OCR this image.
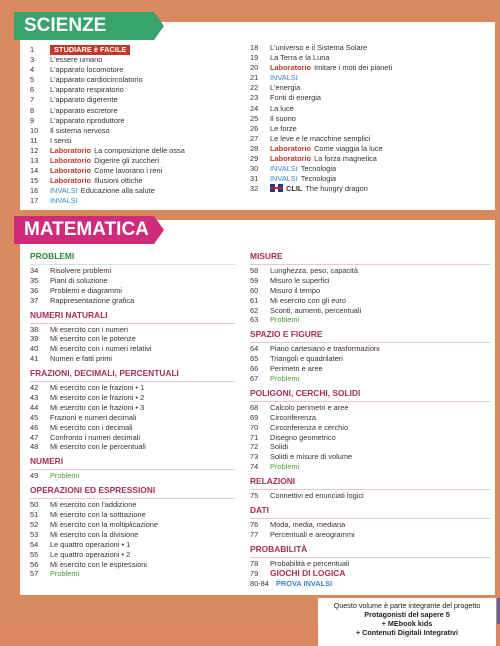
SCIENZE
MATEMATICA
1	STUDIARE è FACILE
3	L'essere umano
4	L'apparato locomotore
5	L'apparato cardiocircolatorio
6	L'apparato respiratorio
7	L'apparato digerente
8	L'apparato escretore
9	L'apparato riproduttore
10	Il sistema nervoso
11	I sensi
12	Laboratorio La composizione delle ossa
13	Laboratorio Digerire gli zuccheri
14	Laboratorio Come lavorano i reni
15	Laboratorio Illusioni ottiche
16	INVALSI Educazione alla salute
17	INVALSI
18	L'universo e il Sistema Solare
19	La Terra e la Luna
20	Laboratorio Imitare i moti dei pianeti
21	INVALSI
22	L'energia
23	Fonti di energia
24	La luce
25	Il suono
26	Le forze
27	Le leve e le macchine semplici
28	Laboratorio Come viaggia la luce
29	Laboratorio La forza magnetica
30	INVALSI Tecnologia
31	INVALSI Tecnologia
32	CLIL The hungry dragon
PROBLEMI
34	Risolvere problemi
35	Piani di soluzione
36	Problemi e diagrammi
37	Rappresentazione grafica
NUMERI NATURALI
38	Mi esercito con i numeri
39	Mi esercito con le potenze
40	Mi esercito con i numeri relativi
41	Numeri e fatti primi
FRAZIONI, DECIMALI, PERCENTUALI
42	Mi esercito con le frazioni • 1
43	Mi esercito con le frazioni • 2
44	Mi esercito con le frazioni • 3
45	Frazioni e numeri decimali
46	Mi esercito con i decimali
47	Confronto i numeri decimali
48	Mi esercito con le percentuali
NUMERI
49	Problemi
OPERAZIONI ED ESPRESSIONI
50	Mi esercito con l'addizione
51	Mi esercito con la sottrazione
52	Mi esercito con la moltiplicazione
53	Mi esercito con la divisione
54	Le quattro operazioni • 1
55	Le quattro operazioni • 2
56	Mi esercito con le espressioni
57	Problemi
MISURE
58	Lunghezza, peso, capacità
59	Misuro le superfici
60	Misuro il tempo
61	Mi esercito con gli euro
62	Sconti, aumenti, percentuali
63	Problemi
SPAZIO E FIGURE
64	Piano cartesiano e trasformazioni
65	Triangoli e quadrilateri
66	Perimetri e aree
67	Problemi
POLIGONI, CERCHI, SOLIDI
68	Calcolo perimetri e aree
69	Circonferenza
70	Circonferenza e cerchio
71	Disegno geometrico
72	Solidi
73	Solidi e misure di volume
74	Problemi
RELAZIONI
75	Connettivi ed enunciati logici
DATI
76	Moda, media, mediana
77	Percentuali e areogrammi
PROBABILITÀ
78	Probabilità e percentuali
79	GIOCHI DI LOGICA
80-84 PROVA INVALSI
Questo volume è parte integrante del progetto
Protagonisti del sapere 5
+ MEbook kids
+ Contenuti Digitali Integrativi
